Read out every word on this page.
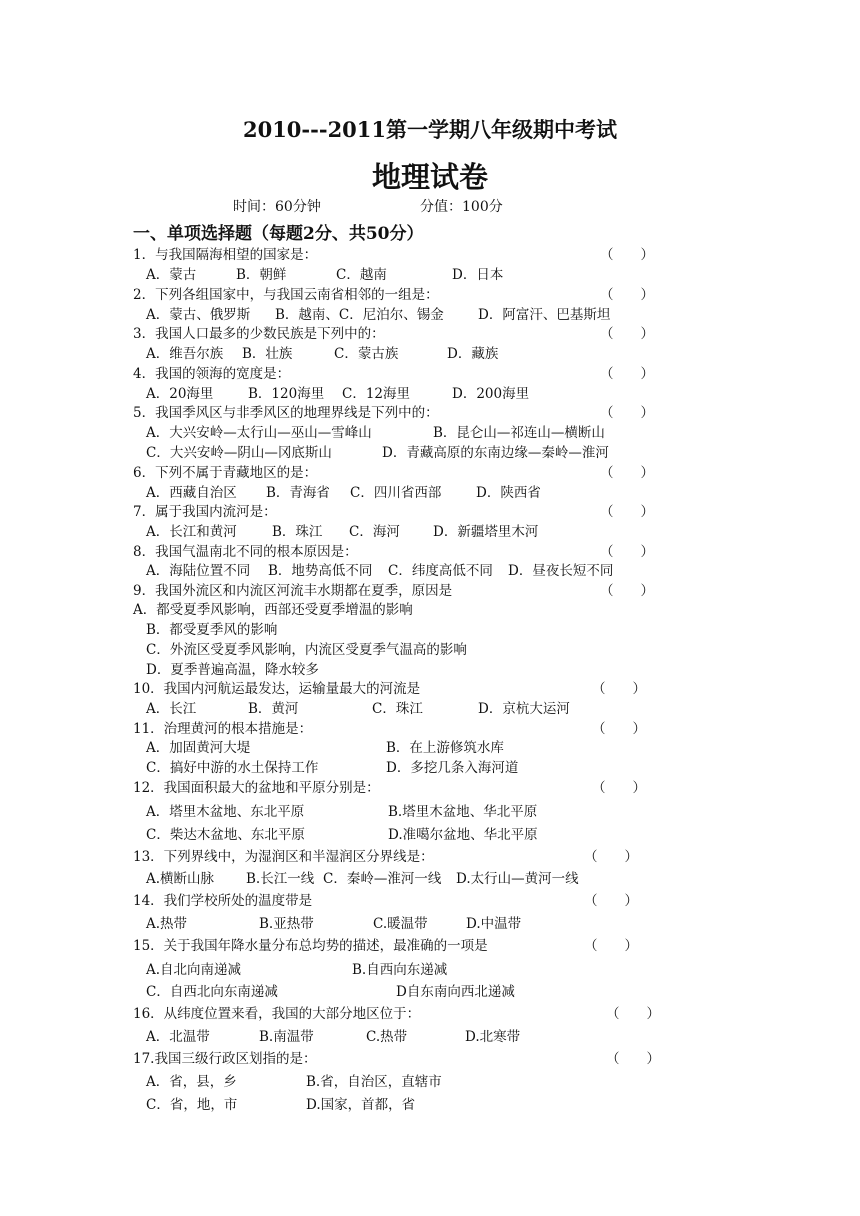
2010---2011第一学期八年级期中考试
地理试卷
时间：60分钟	分值：100分
一、单项选择题（每题2分、共50分）
1．与我国隔海相望的国家是：	（　　）
A．蒙古	B．朝鲜	C．越南	D．日本
2．下列各组国家中，与我国云南省相邻的一组是：	（　　）
A．蒙古、俄罗斯 B．越南、C．尼泊尔、锡金	D．阿富汗、巴基斯坦
3．我国人口最多的少数民族是下列中的：	（　　）
A．维吾尔族 B．壮族	C．蒙古族	D．藏族
4．我国的领海的宽度是：	（　　）
A．20海里	B．120海里 C．12海里	D．200海里
5．我国季风区与非季风区的地理界线是下列中的：	（　　）
A．大兴安岭—太行山—巫山—雪峰山	B．昆仑山—祁连山—横断山
C．大兴安岭—阴山—冈底斯山	D．青藏高原的东南边缘—秦岭—淮河
6．下列不属于青藏地区的是：	（　　）
A．西藏自治区 B．青海省 C．四川省西部	D．陕西省
7．属于我国内流河是：	（　　）
A．长江和黄河	B．珠江 C．海河 D．新疆塔里木河
8．我国气温南北不同的根本原因是：	（　　）
A．海陆位置不同 B．地势高低不同 C．纬度高低不同 D．昼夜长短不同
9．我国外流区和内流区河流丰水期都在夏季，原因是	（　　）
A．都受夏季风影响，西部还受夏季增温的影响
B．都受夏季风的影响
C．外流区受夏季风影响，内流区受夏季气温高的影响
D．夏季普遍高温，降水较多
10．我国内河航运最发达，运输量最大的河流是	（　　）
A．长江	B．黄河	C．珠江	D．京杭大运河
11．治理黄河的根本措施是：	（　　）
A．加固黄河大堤	B．在上游修筑水库
C．搞好中游的水土保持工作	D．多挖几条入海河道
12．我国面积最大的盆地和平原分别是：	（　　）
A．塔里木盆地、东北平原	B.塔里木盆地、华北平原
C．柴达木盆地、东北平原	D.准噶尔盆地、华北平原
13．下列界线中，为湿润区和半湿润区分界线是：	（　　）
A.横断山脉 B.长江一线 C．秦岭—淮河一线 D.太行山—黄河一线
14．我们学校所处的温度带是	（　　）
A.热带	B.亚热带	C.暖温带	D.中温带
15．关于我国年降水量分布总均势的描述，最准确的一项是	（　　）
A.自北向南递减	B.自西向东递减
C．自西北向东南递减	D自东南向西北递减
16．从纬度位置来看，我国的大部分地区位于：	（　　）
A．北温带	B.南温带	C.热带	D.北寒带
17.我国三级行政区划指的是：	（　　）
A．省，县，乡	B.省，自治区，直辖市
C．省，地，市	D.国家，首都，省
